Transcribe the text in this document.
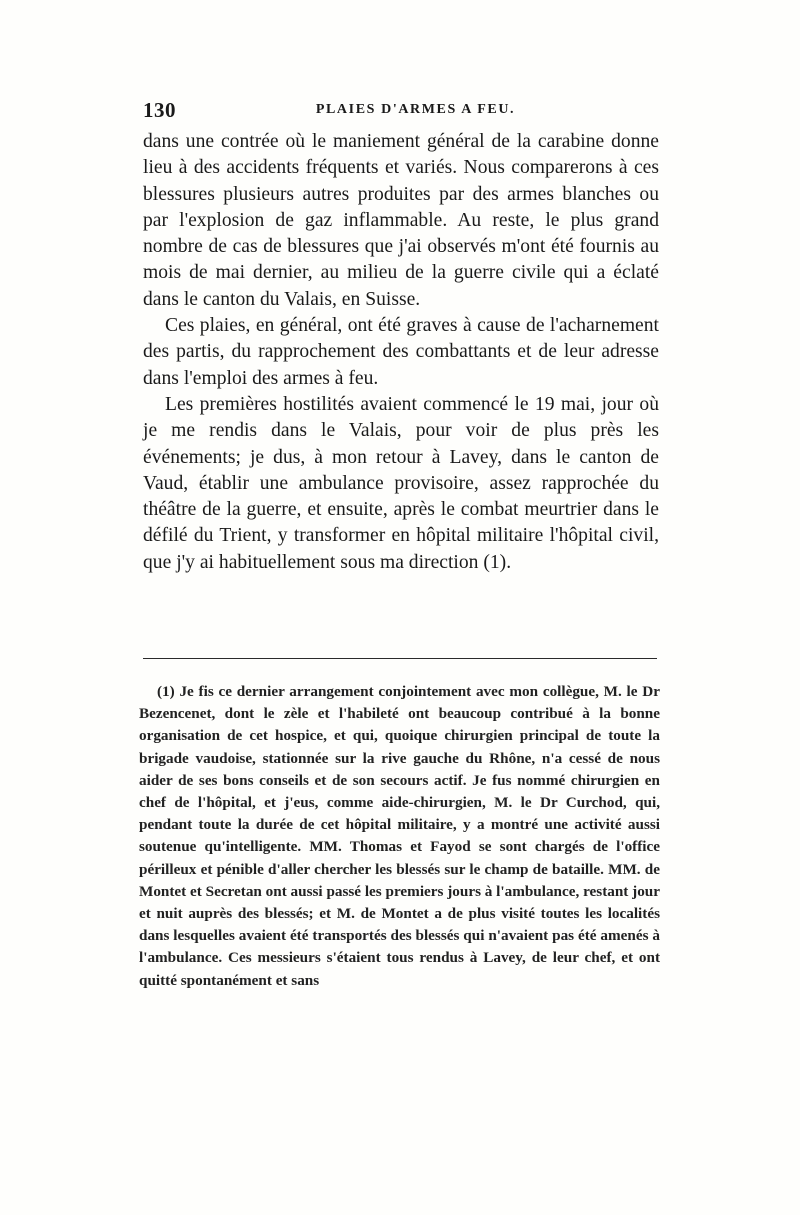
130	PLAIES D'ARMES A FEU.

dans une contrée où le maniement général de la carabine donne lieu à des accidents fréquents et variés. Nous comparerons à ces blessures plusieurs autres produites par des armes blanches ou par l'explosion de gaz inflammable. Au reste, le plus grand nombre de cas de blessures que j'ai observés m'ont été fournis au mois de mai dernier, au milieu de la guerre civile qui a éclaté dans le canton du Valais, en Suisse.

Ces plaies, en général, ont été graves à cause de l'acharnement des partis, du rapprochement des combattants et de leur adresse dans l'emploi des armes à feu.

Les premières hostilités avaient commencé le 19 mai, jour où je me rendis dans le Valais, pour voir de plus près les événements; je dus, à mon retour à Lavey, dans le canton de Vaud, établir une ambulance provisoire, assez rapprochée du théâtre de la guerre, et ensuite, après le combat meurtrier dans le défilé du Trient, y transformer en hôpital militaire l'hôpital civil, que j'y ai habituellement sous ma direction (1).

(1) Je fis ce dernier arrangement conjointement avec mon collègue, M. le Dr Bezencenet, dont le zèle et l'habileté ont beaucoup contribué à la bonne organisation de cet hospice, et qui, quoique chirurgien principal de toute la brigade vaudoise, stationnée sur la rive gauche du Rhône, n'a cessé de nous aider de ses bons conseils et de son secours actif. Je fus nommé chirurgien en chef de l'hôpital, et j'eus, comme aide-chirurgien, M. le Dr Curchod, qui, pendant toute la durée de cet hôpital militaire, y a montré une activité aussi soutenue qu'intelligente. MM. Thomas et Fayod se sont chargés de l'office périlleux et pénible d'aller chercher les blessés sur le champ de bataille. MM. de Montet et Secretan ont aussi passé les premiers jours à l'ambulance, restant jour et nuit auprès des blessés; et M. de Montet a de plus visité toutes les localités dans lesquelles avaient été transportés des blessés qui n'avaient pas été amenés à l'ambulance. Ces messieurs s'étaient tous rendus à Lavey, de leur chef, et ont quitté spontanément et sans
